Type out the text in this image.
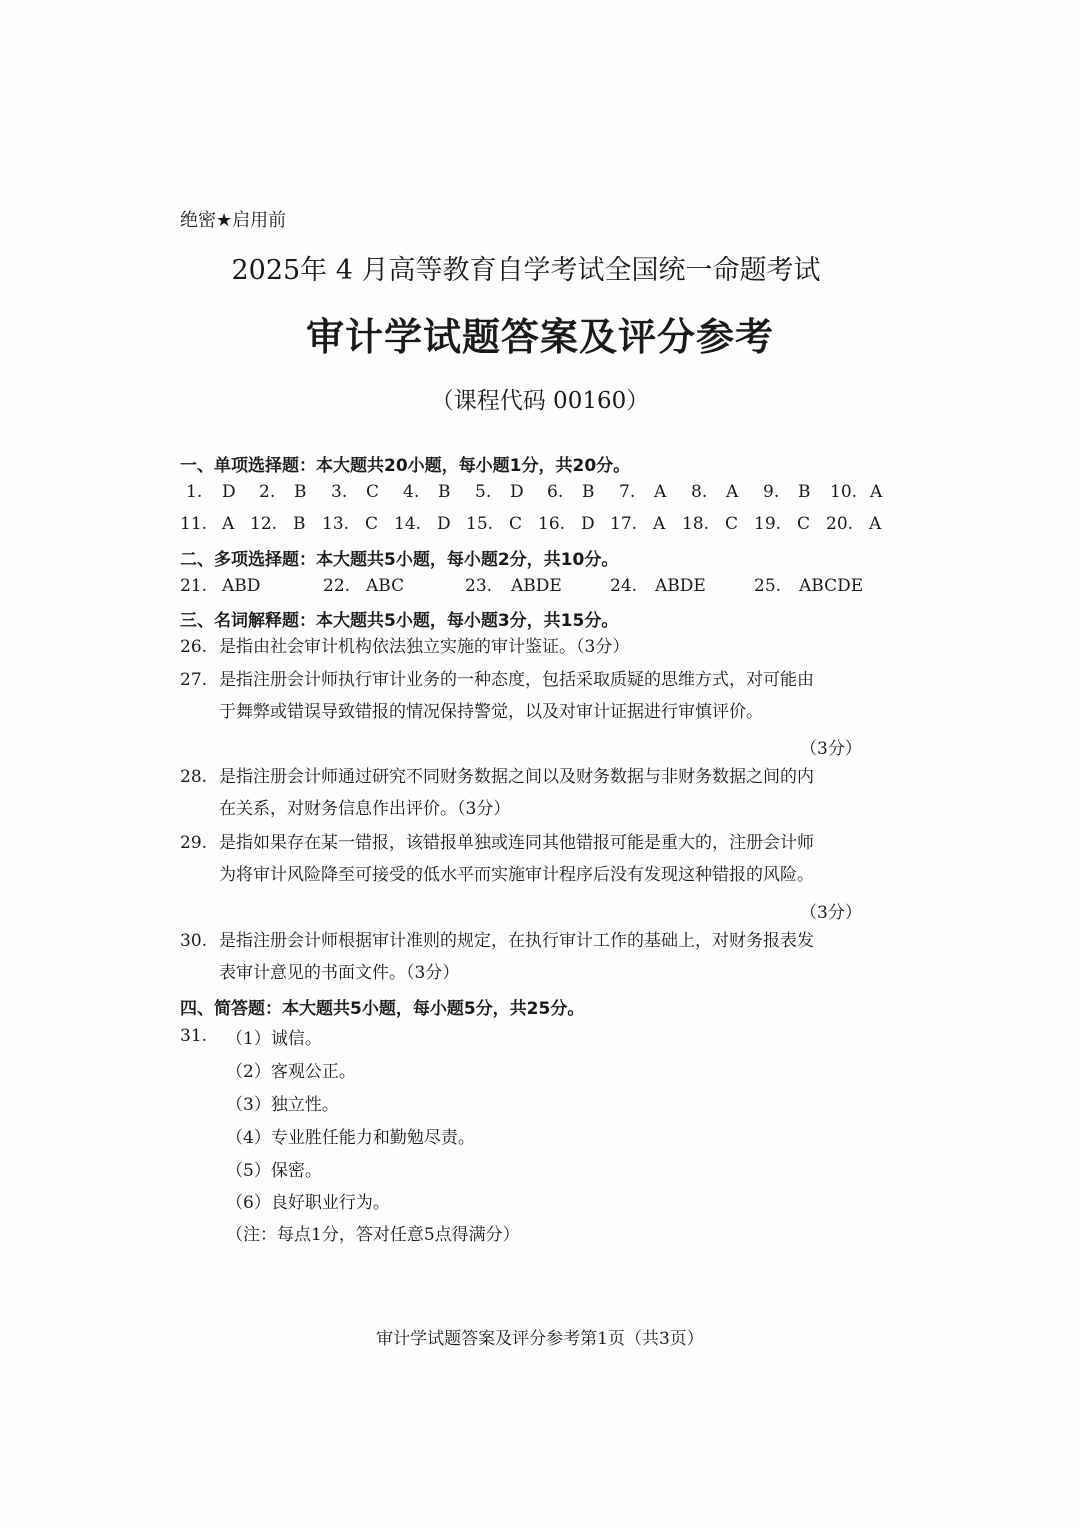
绝密★启用前
2025年 4 月高等教育自学考试全国统一命题考试
审计学试题答案及评分参考
（课程代码 00160）
一、单项选择题：本大题共20小题，每小题1分，共20分。
1. D 2. B 3. C 4. B 5. D 6. B 7. A 8. A 9. B 10. A
11. A 12. B 13. C 14. D 15. C 16. D 17. A 18. C 19. C 20. A
二、多项选择题：本大题共5小题，每小题2分，共10分。
21. ABD	22. ABC	23. ABDE	24. ABDE	25. ABCDE
三、名词解释题：本大题共5小题，每小题3分，共15分。
26. 是指由社会审计机构依法独立实施的审计鉴证。（3分）
27. 是指注册会计师执行审计业务的一种态度，包括采取质疑的思维方式，对可能由
于舞弊或错误导致错报的情况保持警觉，以及对审计证据进行审慎评价。
（3分）
28. 是指注册会计师通过研究不同财务数据之间以及财务数据与非财务数据之间的内
在关系，对财务信息作出评价。（3分）
29. 是指如果存在某一错报，该错报单独或连同其他错报可能是重大的，注册会计师
为将审计风险降至可接受的低水平而实施审计程序后没有发现这种错报的风险。
（3分）
30. 是指注册会计师根据审计准则的规定，在执行审计工作的基础上，对财务报表发
表审计意见的书面文件。（3分）
四、简答题：本大题共5小题，每小题5分，共25分。
31. （1）诚信。
（2）客观公正。
（3）独立性。
（4）专业胜任能力和勤勉尽责。
（5）保密。
（6）良好职业行为。
（注：每点1分，答对任意5点得满分）
审计学试题答案及评分参考第1页（共3页）
